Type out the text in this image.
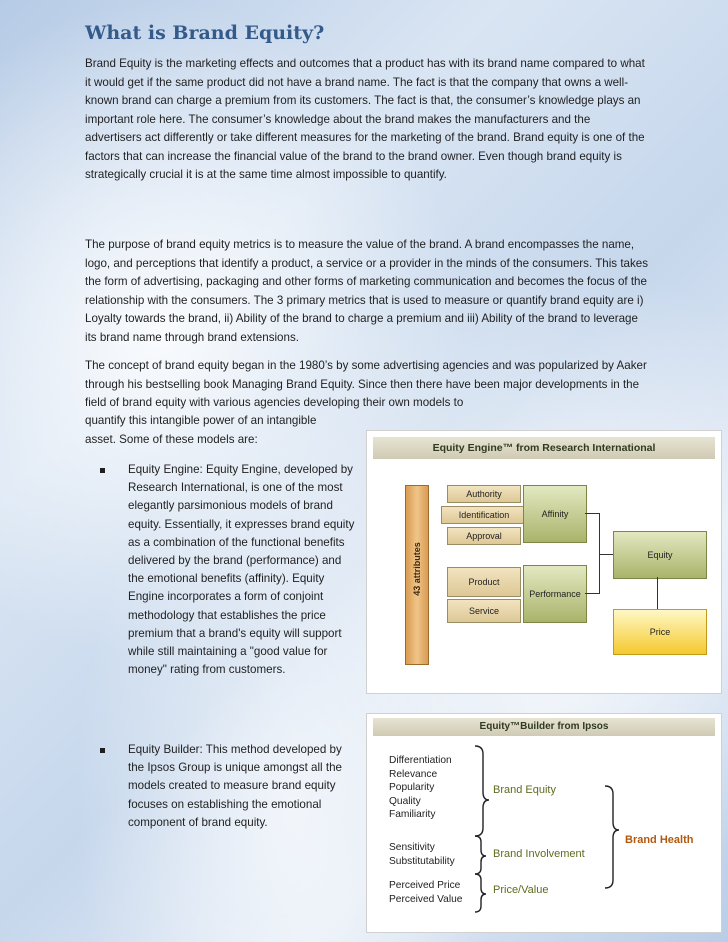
What is Brand Equity?

Brand Equity is the marketing effects and outcomes that a product has with its brand name compared to what it would get if the same product did not have a brand name. The fact is that the company that owns a well-known brand can charge a premium from its customers. The fact is that, the consumer’s knowledge plays an important role here. The consumer’s knowledge about the brand makes the manufacturers and the advertisers act differently or take different measures for the marketing of the brand. Brand equity is one of the factors that can increase the financial value of the brand to the brand owner. Even though brand equity is strategically crucial it is at the same time almost impossible to quantify.

The purpose of brand equity metrics is to measure the value of the brand. A brand encompasses the name, logo, and perceptions that identify a product, a service or a provider in the minds of the consumers. This takes the form of advertising, packaging and other forms of marketing communication and becomes the focus of the relationship with the consumers. The 3 primary metrics that is used to measure or quantify brand equity are i) Loyalty towards the brand, ii) Ability of the brand to charge a premium and iii) Ability of the brand to leverage its brand name through brand extensions.

The concept of brand equity began in the 1980’s by some advertising agencies and was popularized by Aaker through his bestselling book Managing Brand Equity. Since then there have been major developments in the field of brand equity with various agencies developing their own models to

quantify this intangible power of an intangible asset. Some of these models are:

Equity Engine: Equity Engine, developed by Research International, is one of the most elegantly parsimonious models of brand equity. Essentially, it expresses brand equity as a combination of the functional benefits delivered by the brand (performance) and the emotional benefits (affinity). Equity Engine incorporates a form of conjoint methodology that establishes the price premium that a brand's equity will support while still maintaining a "good value for money" rating from customers.
Equity Builder: This method developed by the Ipsos Group is unique amongst all the models created to measure brand equity focuses on establishing the emotional component of brand equity.
Equity Engine™ from Research International
43 attributes
Authority
Identification
Approval
Product
Service
Affinity
Performance
Equity
Price
Equity™Builder from Ipsos
Differentiation
Relevance
Popularity
Quality
Familiarity
Sensitivity
Substitutability
Perceived Price
Perceived Value
Brand Equity
Brand Involvement
Price/Value
Brand Health
